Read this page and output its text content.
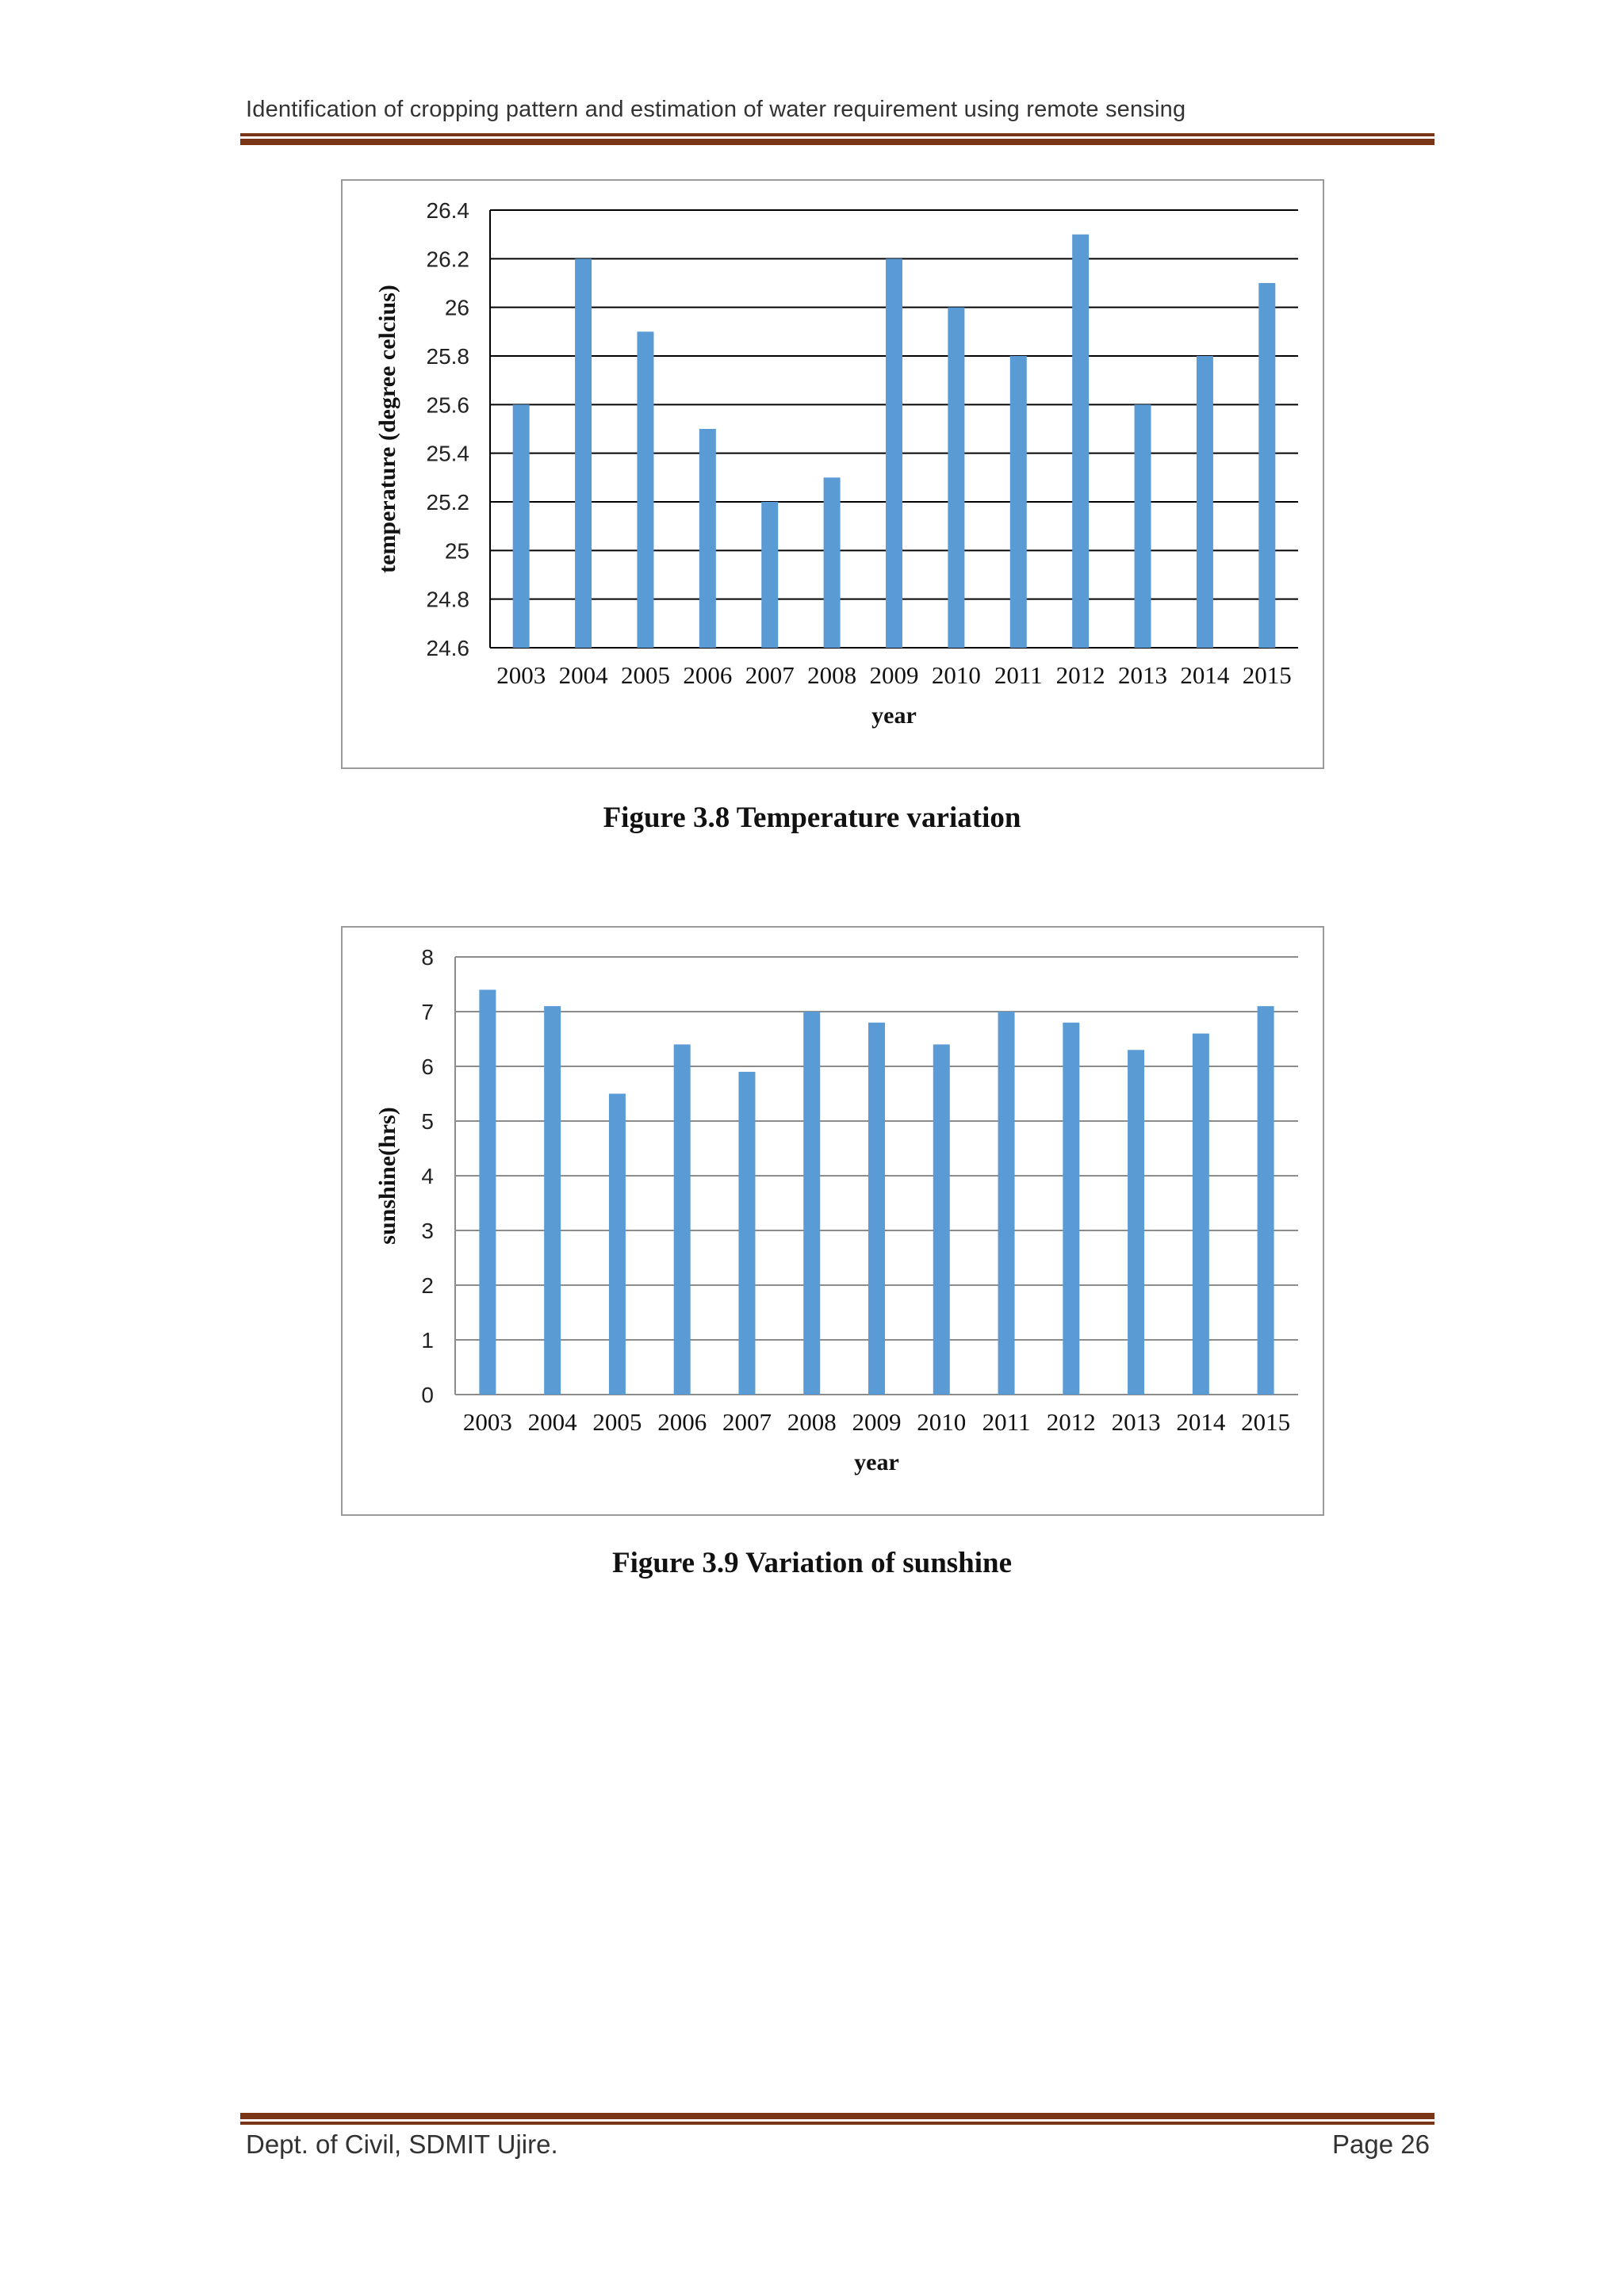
Identification of cropping pattern and estimation of water requirement using remote sensing
24.6
24.8
25
25.2
25.4
25.6
25.8
26
26.2
26.4
2003 2004 2005 2006 2007 2008 2009 2010 2011 2012 2013 2014 2015
year
temperature (degree celcius)
Figure 3.8 Temperature variation
0
1
2
3
4
5
6
7
8
2003 2004 2005 2006 2007 2008 2009 2010 2011 2012 2013 2014 2015
year
sunshine(hrs)
Figure 3.9 Variation of sunshine
Dept. of Civil, SDMIT Ujire.	Page 26
